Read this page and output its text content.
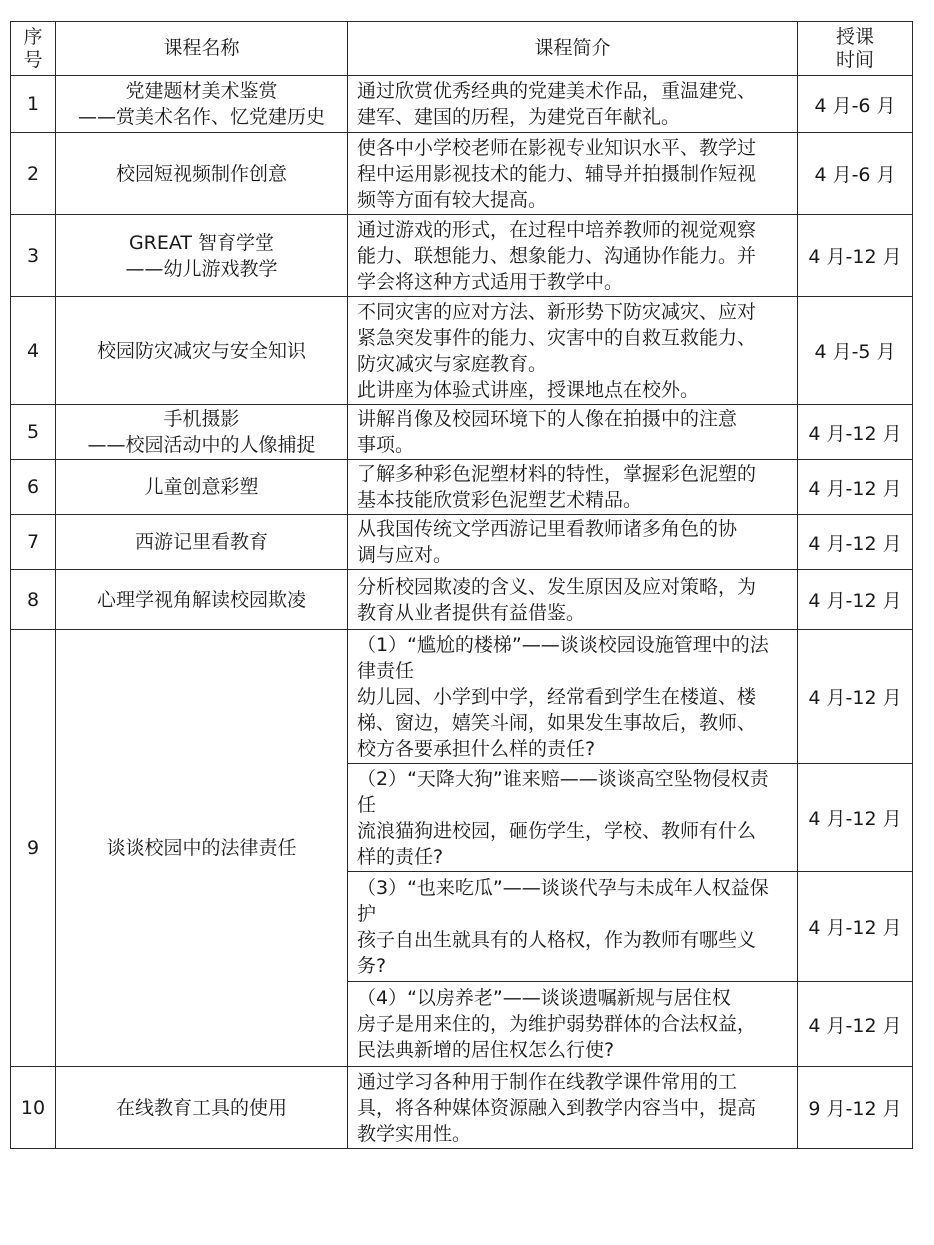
序
号	课程名称	课程简介	授课
时间

1	党建题材美术鉴赏
——赏美术名作、忆党建历史	通过欣赏优秀经典的党建美术作品，重温建党、
建军、建国的历程，为建党百年献礼。	4 月-6 月
2	校园短视频制作创意	使各中小学校老师在影视专业知识水平、教学过
程中运用影视技术的能力、辅导并拍摄制作短视
频等方面有较大提高。	4 月-6 月
3	GREAT 智育学堂
——幼儿游戏教学	通过游戏的形式，在过程中培养教师的视觉观察
能力、联想能力、想象能力、沟通协作能力。并
学会将这种方式适用于教学中。	4 月-12 月
4	校园防灾减灾与安全知识	不同灾害的应对方法、新形势下防灾减灾、应对
紧急突发事件的能力、灾害中的自救互救能力、
防灾减灾与家庭教育。
此讲座为体验式讲座，授课地点在校外。	4 月-5 月
5	手机摄影
——校园活动中的人像捕捉	讲解肖像及校园环境下的人像在拍摄中的注意
事项。	4 月-12 月
6	儿童创意彩塑	了解多种彩色泥塑材料的特性，掌握彩色泥塑的
基本技能欣赏彩色泥塑艺术精品。	4 月-12 月
7	西游记里看教育	从我国传统文学西游记里看教师诸多角色的协
调与应对。	4 月-12 月
8	心理学视角解读校园欺凌	分析校园欺凌的含义、发生原因及应对策略，为
教育从业者提供有益借鉴。	4 月-12 月
9	谈谈校园中的法律责任	（1）“尴尬的楼梯”——谈谈校园设施管理中的法
律责任
幼儿园、小学到中学，经常看到学生在楼道、楼
梯、窗边，嬉笑斗闹，如果发生事故后，教师、
校方各要承担什么样的责任?	4 月-12 月

		（2）“天降大狗”谁来赔——谈谈高空坠物侵权责
任
流浪猫狗进校园，砸伤学生，学校、教师有什么
样的责任?	4 月-12 月

		（3）“也来吃瓜”——谈谈代孕与未成年人权益保
护
孩子自出生就具有的人格权，作为教师有哪些义
务?	4 月-12 月

		（4）“以房养老”——谈谈遗嘱新规与居住权
房子是用来住的，为维护弱势群体的合法权益，
民法典新增的居住权怎么行使?	4 月-12 月
10	在线教育工具的使用	通过学习各种用于制作在线教学课件常用的工
具，将各种媒体资源融入到教学内容当中，提高
教学实用性。	9 月-12 月
